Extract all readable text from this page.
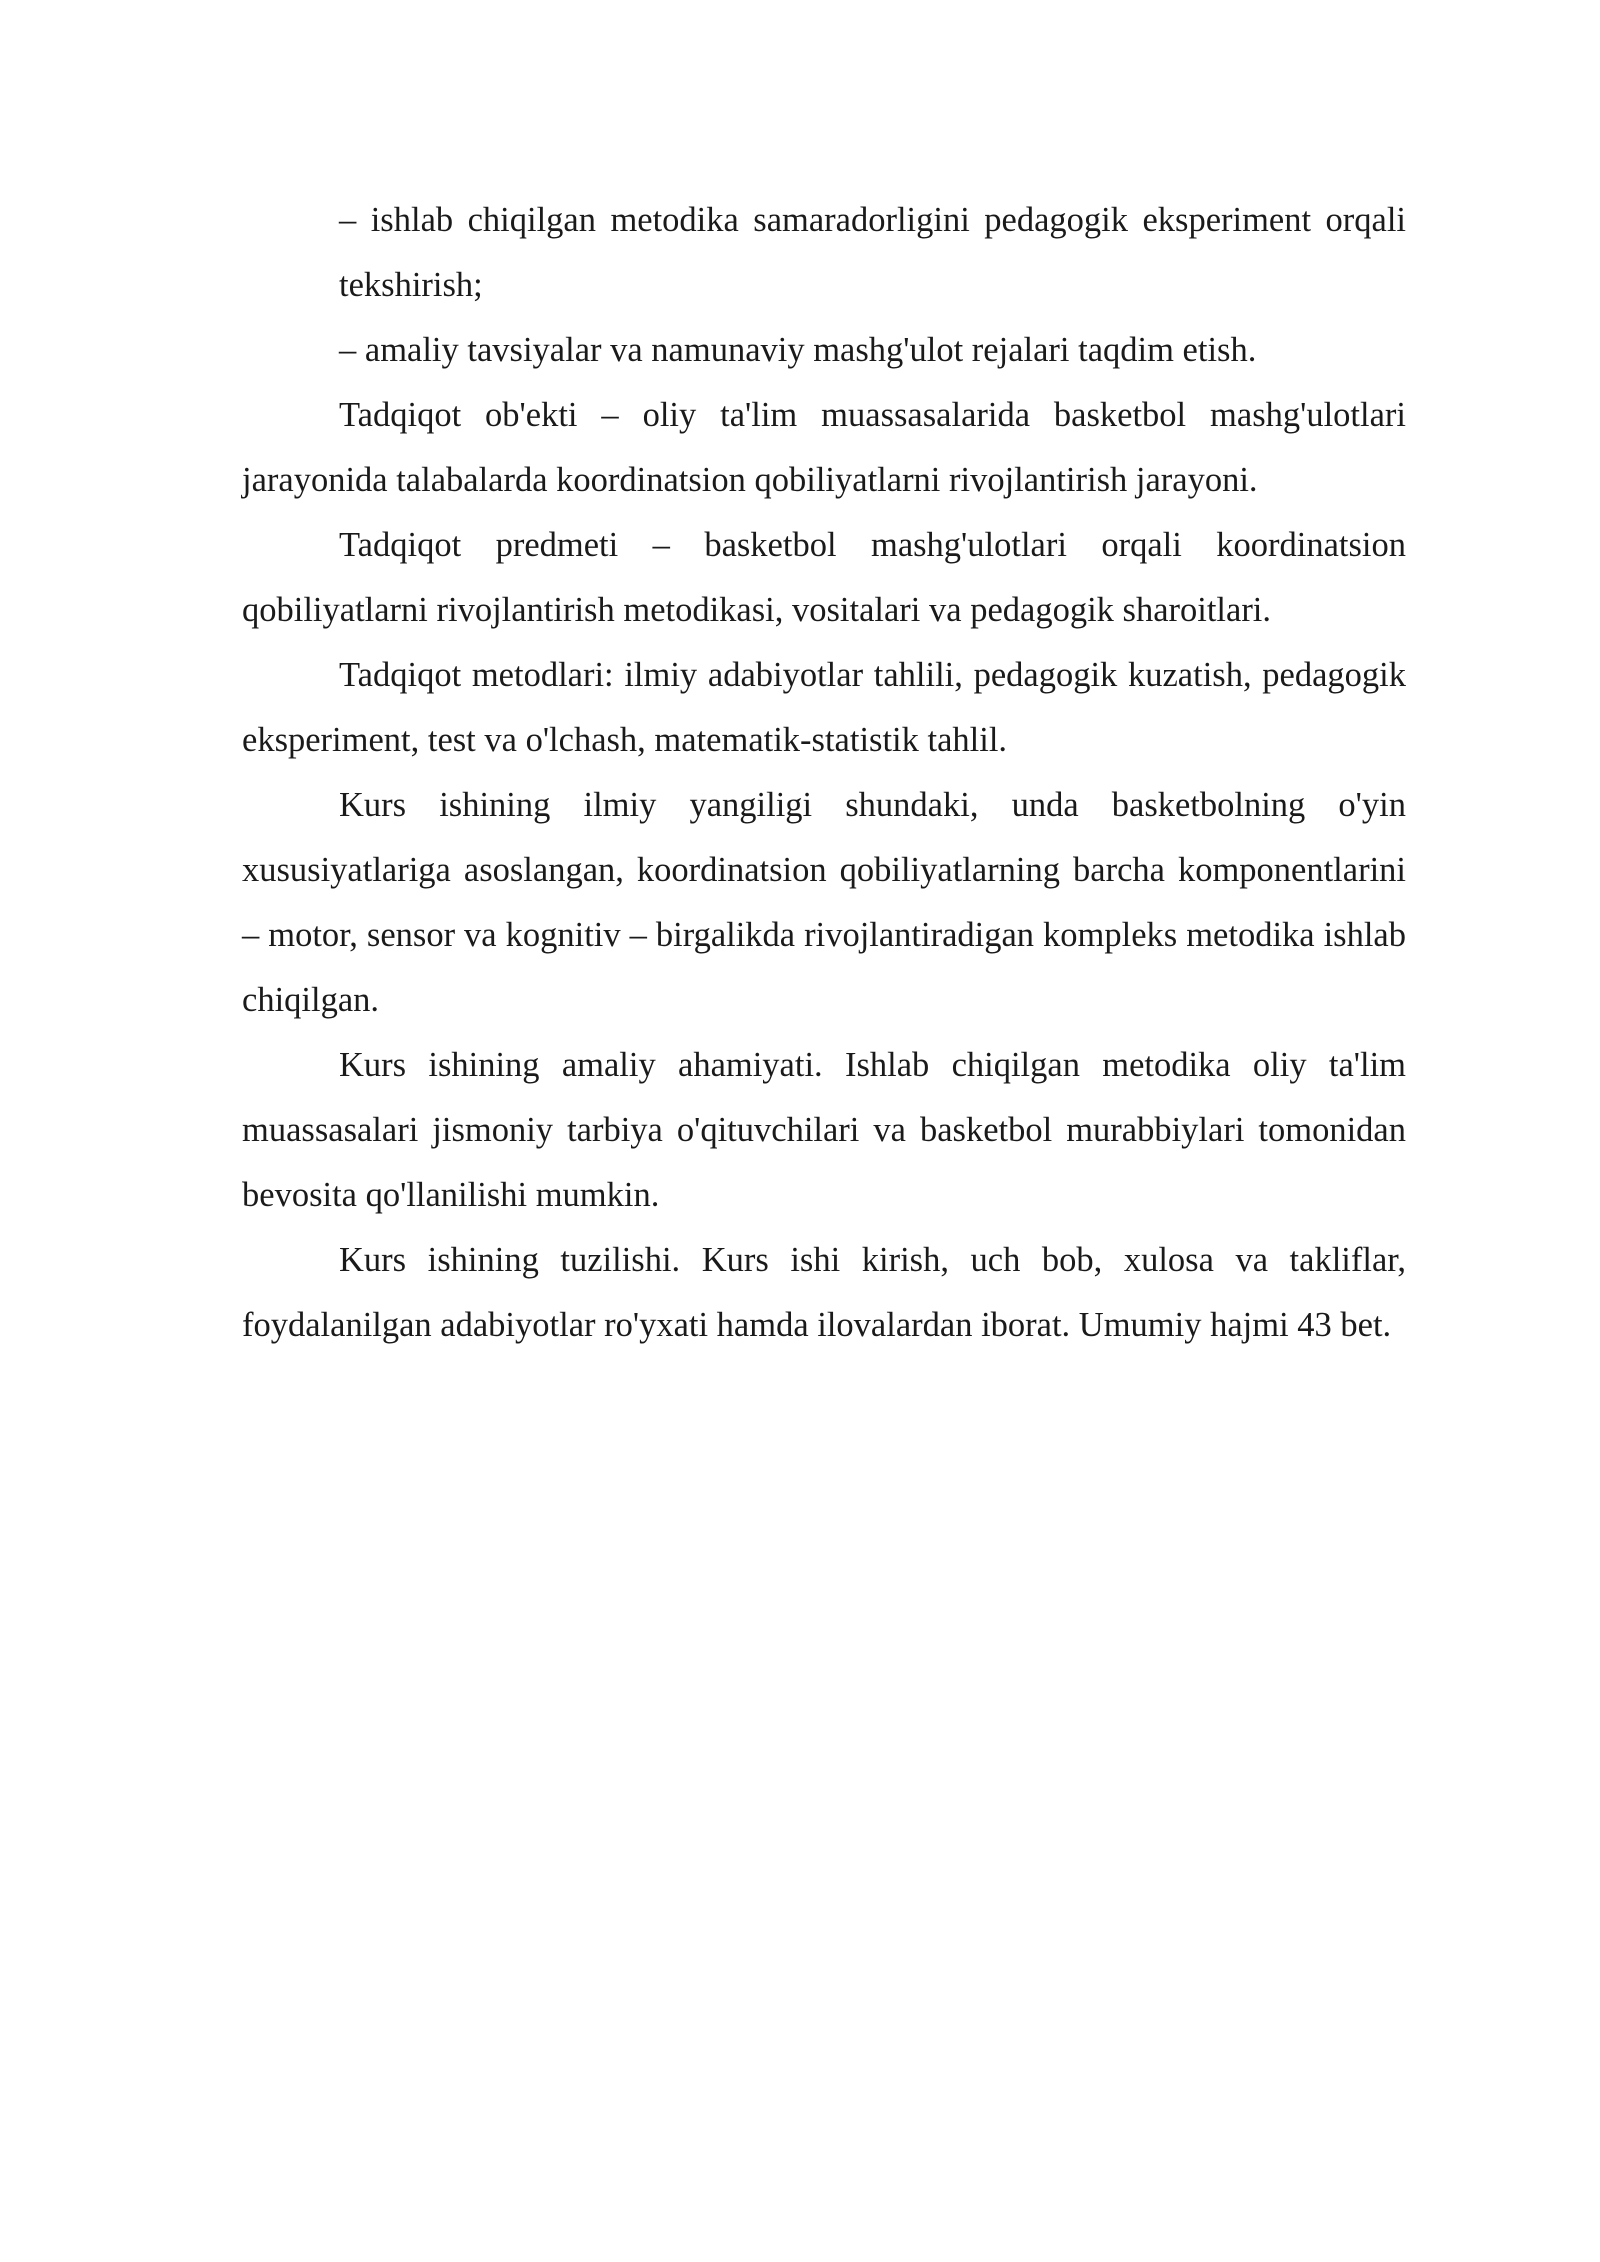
– ishlab chiqilgan metodika samaradorligini pedagogik eksperiment orqali tekshirish;

– amaliy tavsiyalar va namunaviy mashg'ulot rejalari taqdim etish.

Tadqiqot ob'ekti – oliy ta'lim muassasalarida basketbol mashg'ulotlari jarayonida talabalarda koordinatsion qobiliyatlarni rivojlantirish jarayoni.

Tadqiqot predmeti – basketbol mashg'ulotlari orqali koordinatsion qobiliyatlarni rivojlantirish metodikasi, vositalari va pedagogik sharoitlari.

Tadqiqot metodlari: ilmiy adabiyotlar tahlili, pedagogik kuzatish, pedagogik eksperiment, test va o'lchash, matematik-statistik tahlil.

Kurs ishining ilmiy yangiligi shundaki, unda basketbolning o'yin xususiyatlariga asoslangan, koordinatsion qobiliyatlarning barcha komponentlarini – motor, sensor va kognitiv – birgalikda rivojlantiradigan kompleks metodika ishlab chiqilgan.

Kurs ishining amaliy ahamiyati. Ishlab chiqilgan metodika oliy ta'lim muassasalari jismoniy tarbiya o'qituvchilari va basketbol murabbiylari tomonidan bevosita qo'llanilishi mumkin.

Kurs ishining tuzilishi. Kurs ishi kirish, uch bob, xulosa va takliflar, foydalanilgan adabiyotlar ro'yxati hamda ilovalardan iborat. Umumiy hajmi 43 bet.
